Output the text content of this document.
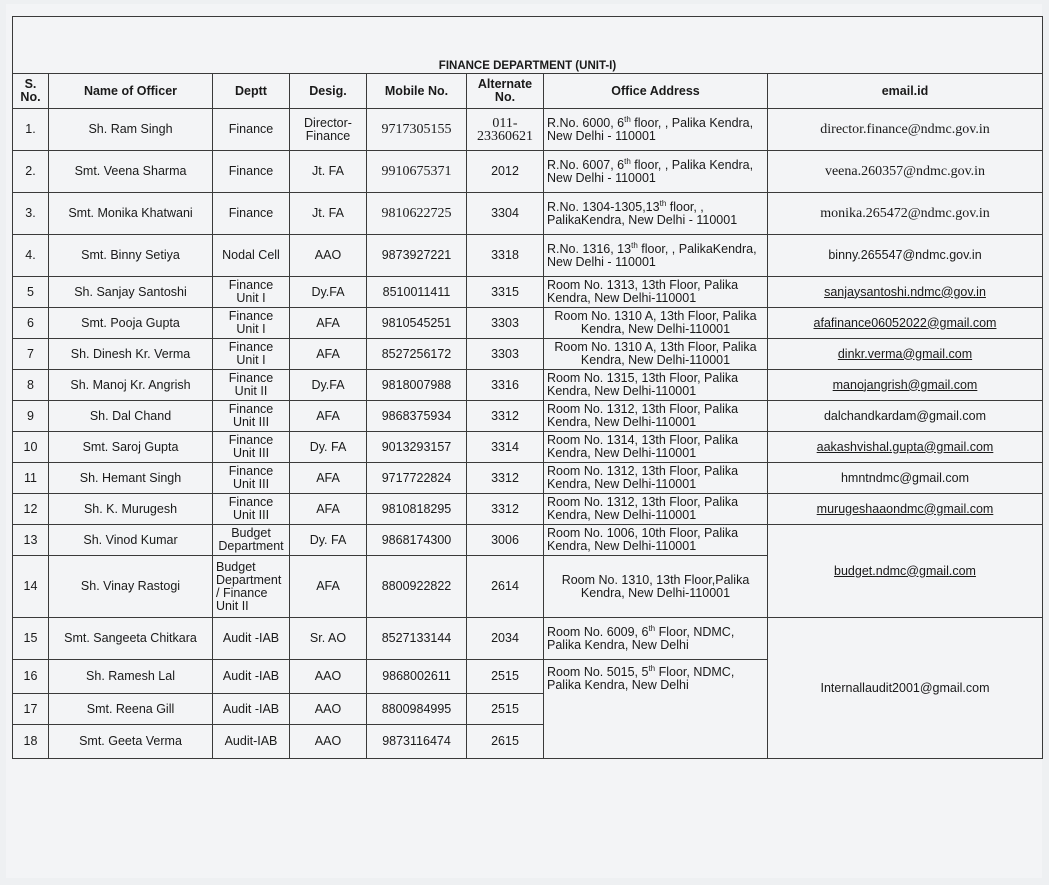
FINANCE DEPARTMENT (UNIT-I)							
S. No.	Name of Officer	Deptt	Desig.	Mobile No.	Alternate No.	Office Address	email.id
1.	Sh. Ram Singh	Finance	Director-Finance	9717305155	011-23360621	R.No. 6000, 6th floor, , Palika Kendra, New Delhi - 110001	director.finance@ndmc.gov.in
2.	Smt. Veena Sharma	Finance	Jt. FA	9910675371	2012	R.No. 6007, 6th floor, , Palika Kendra, New Delhi - 110001	veena.260357@ndmc.gov.in
3.	Smt. Monika Khatwani	Finance	Jt. FA	9810622725	3304	R.No. 1304-1305,13th floor, , PalikaKendra, New Delhi - 110001	monika.265472@ndmc.gov.in
4.	Smt. Binny Setiya	Nodal Cell	AAO	9873927221	3318	R.No. 1316, 13th floor, , PalikaKendra, New Delhi - 110001	binny.265547@ndmc.gov.in
5	Sh. Sanjay Santoshi	Finance Unit I	Dy.FA	8510011411	3315	Room No. 1313, 13th Floor, Palika Kendra, New Delhi-110001	sanjaysantoshi.ndmc@gov.in
6	Smt. Pooja Gupta	Finance Unit I	AFA	9810545251	3303	Room No. 1310 A, 13th Floor, Palika Kendra, New Delhi-110001	afafinance06052022@gmail.com
7	Sh. Dinesh Kr. Verma	Finance Unit I	AFA	8527256172	3303	Room No. 1310 A, 13th Floor, Palika Kendra, New Delhi-110001	dinkr.verma@gmail.com
8	Sh. Manoj Kr. Angrish	Finance Unit II	Dy.FA	9818007988	3316	Room No. 1315, 13th Floor, Palika Kendra, New Delhi-110001	manojangrish@gmail.com
9	Sh. Dal Chand	Finance Unit III	AFA	9868375934	3312	Room No. 1312, 13th Floor, Palika Kendra, New Delhi-110001	dalchandkardam@gmail.com
10	Smt. Saroj Gupta	Finance Unit III	Dy. FA	9013293157	3314	Room No. 1314, 13th Floor, Palika Kendra, New Delhi-110001	aakashvishal.gupta@gmail.com
11	Sh. Hemant Singh	Finance Unit III	AFA	9717722824	3312	Room No. 1312, 13th Floor, Palika Kendra, New Delhi-110001	hmntndmc@gmail.com
12	Sh. K. Murugesh	Finance Unit III	AFA	9810818295	3312	Room No. 1312, 13th Floor, Palika Kendra, New Delhi-110001	murugeshaaondmc@gmail.com
13	Sh. Vinod Kumar	Budget Department	Dy. FA	9868174300	3006	Room No. 1006, 10th Floor, Palika Kendra, New Delhi-110001	budget.ndmc@gmail.com
14	Sh. Vinay Rastogi	Budget Department / Finance Unit II	AFA	8800922822	2614	Room No. 1310, 13th Floor,Palika Kendra, New Delhi-110001	
15	Smt. Sangeeta Chitkara	Audit -IAB	Sr. AO	8527133144	2034	Room No. 6009, 6th Floor, NDMC, Palika Kendra, New Delhi	Internallaudit2001@gmail.com
16	Sh. Ramesh Lal	Audit -IAB	AAO	9868002611	2515	Room No. 5015, 5th Floor, NDMC, Palika Kendra, New Delhi	
17	Smt. Reena Gill	Audit -IAB	AAO	8800984995	2515		
18	Smt. Geeta Verma	Audit-IAB	AAO	9873116474	2615		
